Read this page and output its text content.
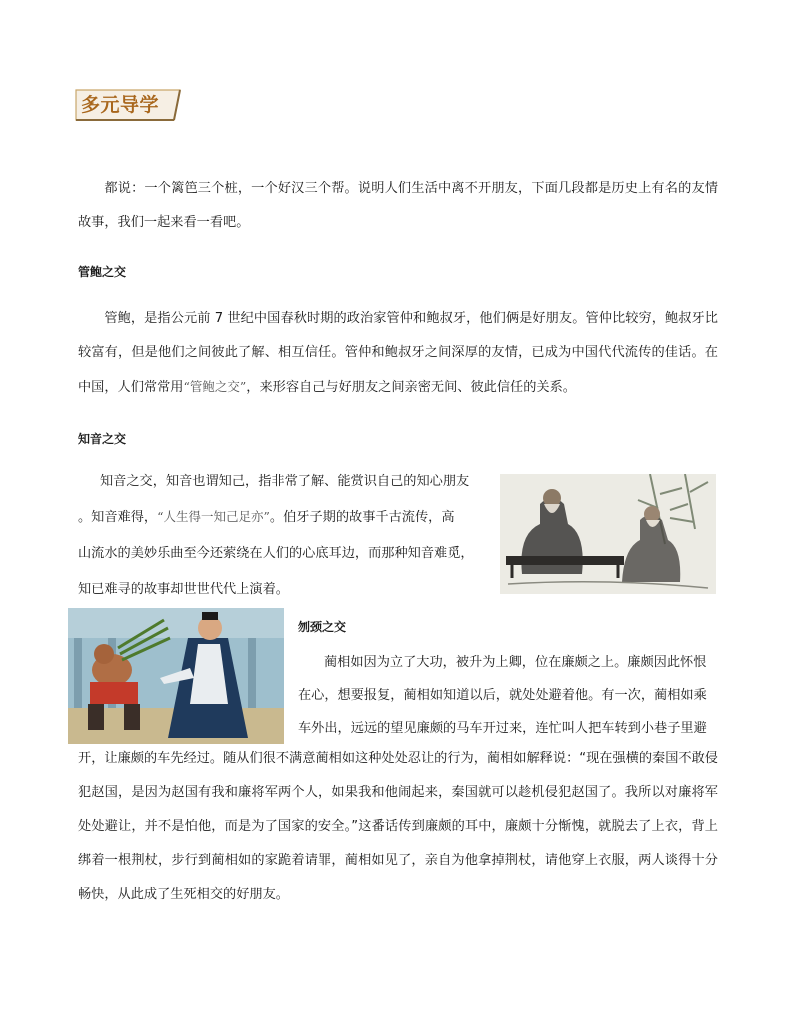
多元导学

都说：一个篱笆三个桩，一个好汉三个帮。说明人们生活中离不开朋友，下面几段都是历史上有名的友情故事，我们一起来看一看吧。

管鲍之交

管鲍，是指公元前 7 世纪中国春秋时期的政治家管仲和鲍叔牙，他们俩是好朋友。管仲比较穷，鲍叔牙比较富有，但是他们之间彼此了解、相互信任。管仲和鲍叔牙之间深厚的友情，已成为中国代代流传的佳话。在中国，人们常常用“管鲍之交”，来形容自己与好朋友之间亲密无间、彼此信任的关系。

知音之交

知音之交，知音也谓知己，指非常了解、能赏识自己的知心朋友

。知音难得，“人生得一知己足亦”。伯牙子期的故事千古流传，高

山流水的美妙乐曲至今还萦绕在人们的心底耳边，而那种知音难觅，

知已难寻的故事却世世代代上演着。

刎颈之交

蔺相如因为立了大功，被升为上卿，位在廉颇之上。廉颇因此怀恨

在心，想要报复，蔺相如知道以后，就处处避着他。有一次，蔺相如乘

车外出，远远的望见廉颇的马车开过来，连忙叫人把车转到小巷子里避

开，让廉颇的车先经过。随从们很不满意蔺相如这种处处忍让的行为，蔺相如解释说：“现在强横的秦国不敢侵犯赵国，是因为赵国有我和廉将军两个人，如果我和他闹起来，秦国就可以趁机侵犯赵国了。我所以对廉将军处处避让，并不是怕他，而是为了国家的安全。”这番话传到廉颇的耳中，廉颇十分惭愧，就脱去了上衣，背上绑着一根荆杖，步行到蔺相如的家跪着请罪，蔺相如见了，亲自为他拿掉荆杖，请他穿上衣服，两人谈得十分畅快，从此成了生死相交的好朋友。
